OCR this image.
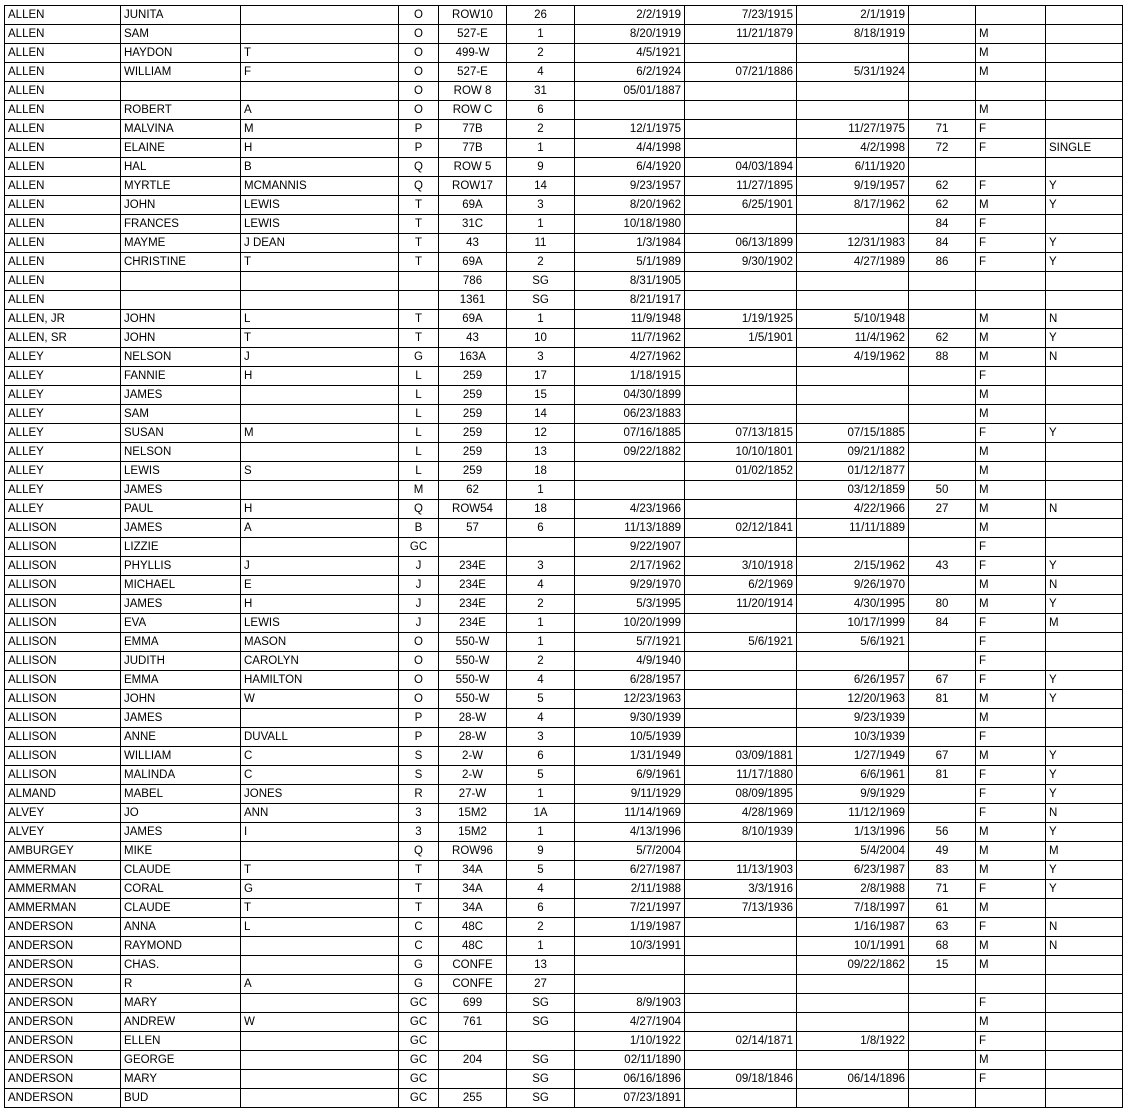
ALLEN	JUNITA		O	ROW10	26	2/2/1919	7/23/1915	2/1/1919			
ALLEN	SAM		O	527-E	1	8/20/1919	11/21/1879	8/18/1919		M	
ALLEN	HAYDON	T	O	499-W	2	4/5/1921				M	
ALLEN	WILLIAM	F	O	527-E	4	6/2/1924	07/21/1886	5/31/1924		M	
ALLEN			O	ROW 8	31	05/01/1887					
ALLEN	ROBERT	A	O	ROW C	6					M	
ALLEN	MALVINA	M	P	77B	2	12/1/1975		11/27/1975	71	F	
ALLEN	ELAINE	H	P	77B	1	4/4/1998		4/2/1998	72	F	SINGLE
ALLEN	HAL	B	Q	ROW 5	9	6/4/1920	04/03/1894	6/11/1920			
ALLEN	MYRTLE	MCMANNIS	Q	ROW17	14	9/23/1957	11/27/1895	9/19/1957	62	F	Y
ALLEN	JOHN	LEWIS	T	69A	3	8/20/1962	6/25/1901	8/17/1962	62	M	Y
ALLEN	FRANCES	LEWIS	T	31C	1	10/18/1980			84	F	
ALLEN	MAYME	J DEAN	T	43	11	1/3/1984	06/13/1899	12/31/1983	84	F	Y
ALLEN	CHRISTINE	T	T	69A	2	5/1/1989	9/30/1902	4/27/1989	86	F	Y
ALLEN				786	SG	8/31/1905					
ALLEN				1361	SG	8/21/1917					
ALLEN, JR	JOHN	L	T	69A	1	11/9/1948	1/19/1925	5/10/1948		M	N
ALLEN, SR	JOHN	T	T	43	10	11/7/1962	1/5/1901	11/4/1962	62	M	Y
ALLEY	NELSON	J	G	163A	3	4/27/1962		4/19/1962	88	M	N
ALLEY	FANNIE	H	L	259	17	1/18/1915				F	
ALLEY	JAMES		L	259	15	04/30/1899				M	
ALLEY	SAM		L	259	14	06/23/1883				M	
ALLEY	SUSAN	M	L	259	12	07/16/1885	07/13/1815	07/15/1885		F	Y
ALLEY	NELSON		L	259	13	09/22/1882	10/10/1801	09/21/1882		M	
ALLEY	LEWIS	S	L	259	18		01/02/1852	01/12/1877		M	
ALLEY	JAMES		M	62	1			03/12/1859	50	M	
ALLEY	PAUL	H	Q	ROW54	18	4/23/1966		4/22/1966	27	M	N
ALLISON	JAMES	A	B	57	6	11/13/1889	02/12/1841	11/11/1889		M	
ALLISON	LIZZIE		GC			9/22/1907				F	
ALLISON	PHYLLIS	J	J	234E	3	2/17/1962	3/10/1918	2/15/1962	43	F	Y
ALLISON	MICHAEL	E	J	234E	4	9/29/1970	6/2/1969	9/26/1970		M	N
ALLISON	JAMES	H	J	234E	2	5/3/1995	11/20/1914	4/30/1995	80	M	Y
ALLISON	EVA	LEWIS	J	234E	1	10/20/1999		10/17/1999	84	F	M
ALLISON	EMMA	MASON	O	550-W	1	5/7/1921	5/6/1921	5/6/1921		F	
ALLISON	JUDITH	CAROLYN	O	550-W	2	4/9/1940				F	
ALLISON	EMMA	HAMILTON	O	550-W	4	6/28/1957		6/26/1957	67	F	Y
ALLISON	JOHN	W	O	550-W	5	12/23/1963		12/20/1963	81	M	Y
ALLISON	JAMES		P	28-W	4	9/30/1939		9/23/1939		M	
ALLISON	ANNE	DUVALL	P	28-W	3	10/5/1939		10/3/1939		F	
ALLISON	WILLIAM	C	S	2-W	6	1/31/1949	03/09/1881	1/27/1949	67	M	Y
ALLISON	MALINDA	C	S	2-W	5	6/9/1961	11/17/1880	6/6/1961	81	F	Y
ALMAND	MABEL	JONES	R	27-W	1	9/11/1929	08/09/1895	9/9/1929		F	Y
ALVEY	JO	ANN	3	15M2	1A	11/14/1969	4/28/1969	11/12/1969		F	N
ALVEY	JAMES	I	3	15M2	1	4/13/1996	8/10/1939	1/13/1996	56	M	Y
AMBURGEY	MIKE		Q	ROW96	9	5/7/2004		5/4/2004	49	M	M
AMMERMAN	CLAUDE	T	T	34A	5	6/27/1987	11/13/1903	6/23/1987	83	M	Y
AMMERMAN	CORAL	G	T	34A	4	2/11/1988	3/3/1916	2/8/1988	71	F	Y
AMMERMAN	CLAUDE	T	T	34A	6	7/21/1997	7/13/1936	7/18/1997	61	M	
ANDERSON	ANNA	L	C	48C	2	1/19/1987		1/16/1987	63	F	N
ANDERSON	RAYMOND		C	48C	1	10/3/1991		10/1/1991	68	M	N
ANDERSON	CHAS.		G	CONFE	13			09/22/1862	15	M	
ANDERSON	R	A	G	CONFE	27						
ANDERSON	MARY		GC	699	SG	8/9/1903				F	
ANDERSON	ANDREW	W	GC	761	SG	4/27/1904				M	
ANDERSON	ELLEN		GC			1/10/1922	02/14/1871	1/8/1922		F	
ANDERSON	GEORGE		GC	204	SG	02/11/1890				M	
ANDERSON	MARY		GC		SG	06/16/1896	09/18/1846	06/14/1896		F	
ANDERSON	BUD		GC	255	SG	07/23/1891					
